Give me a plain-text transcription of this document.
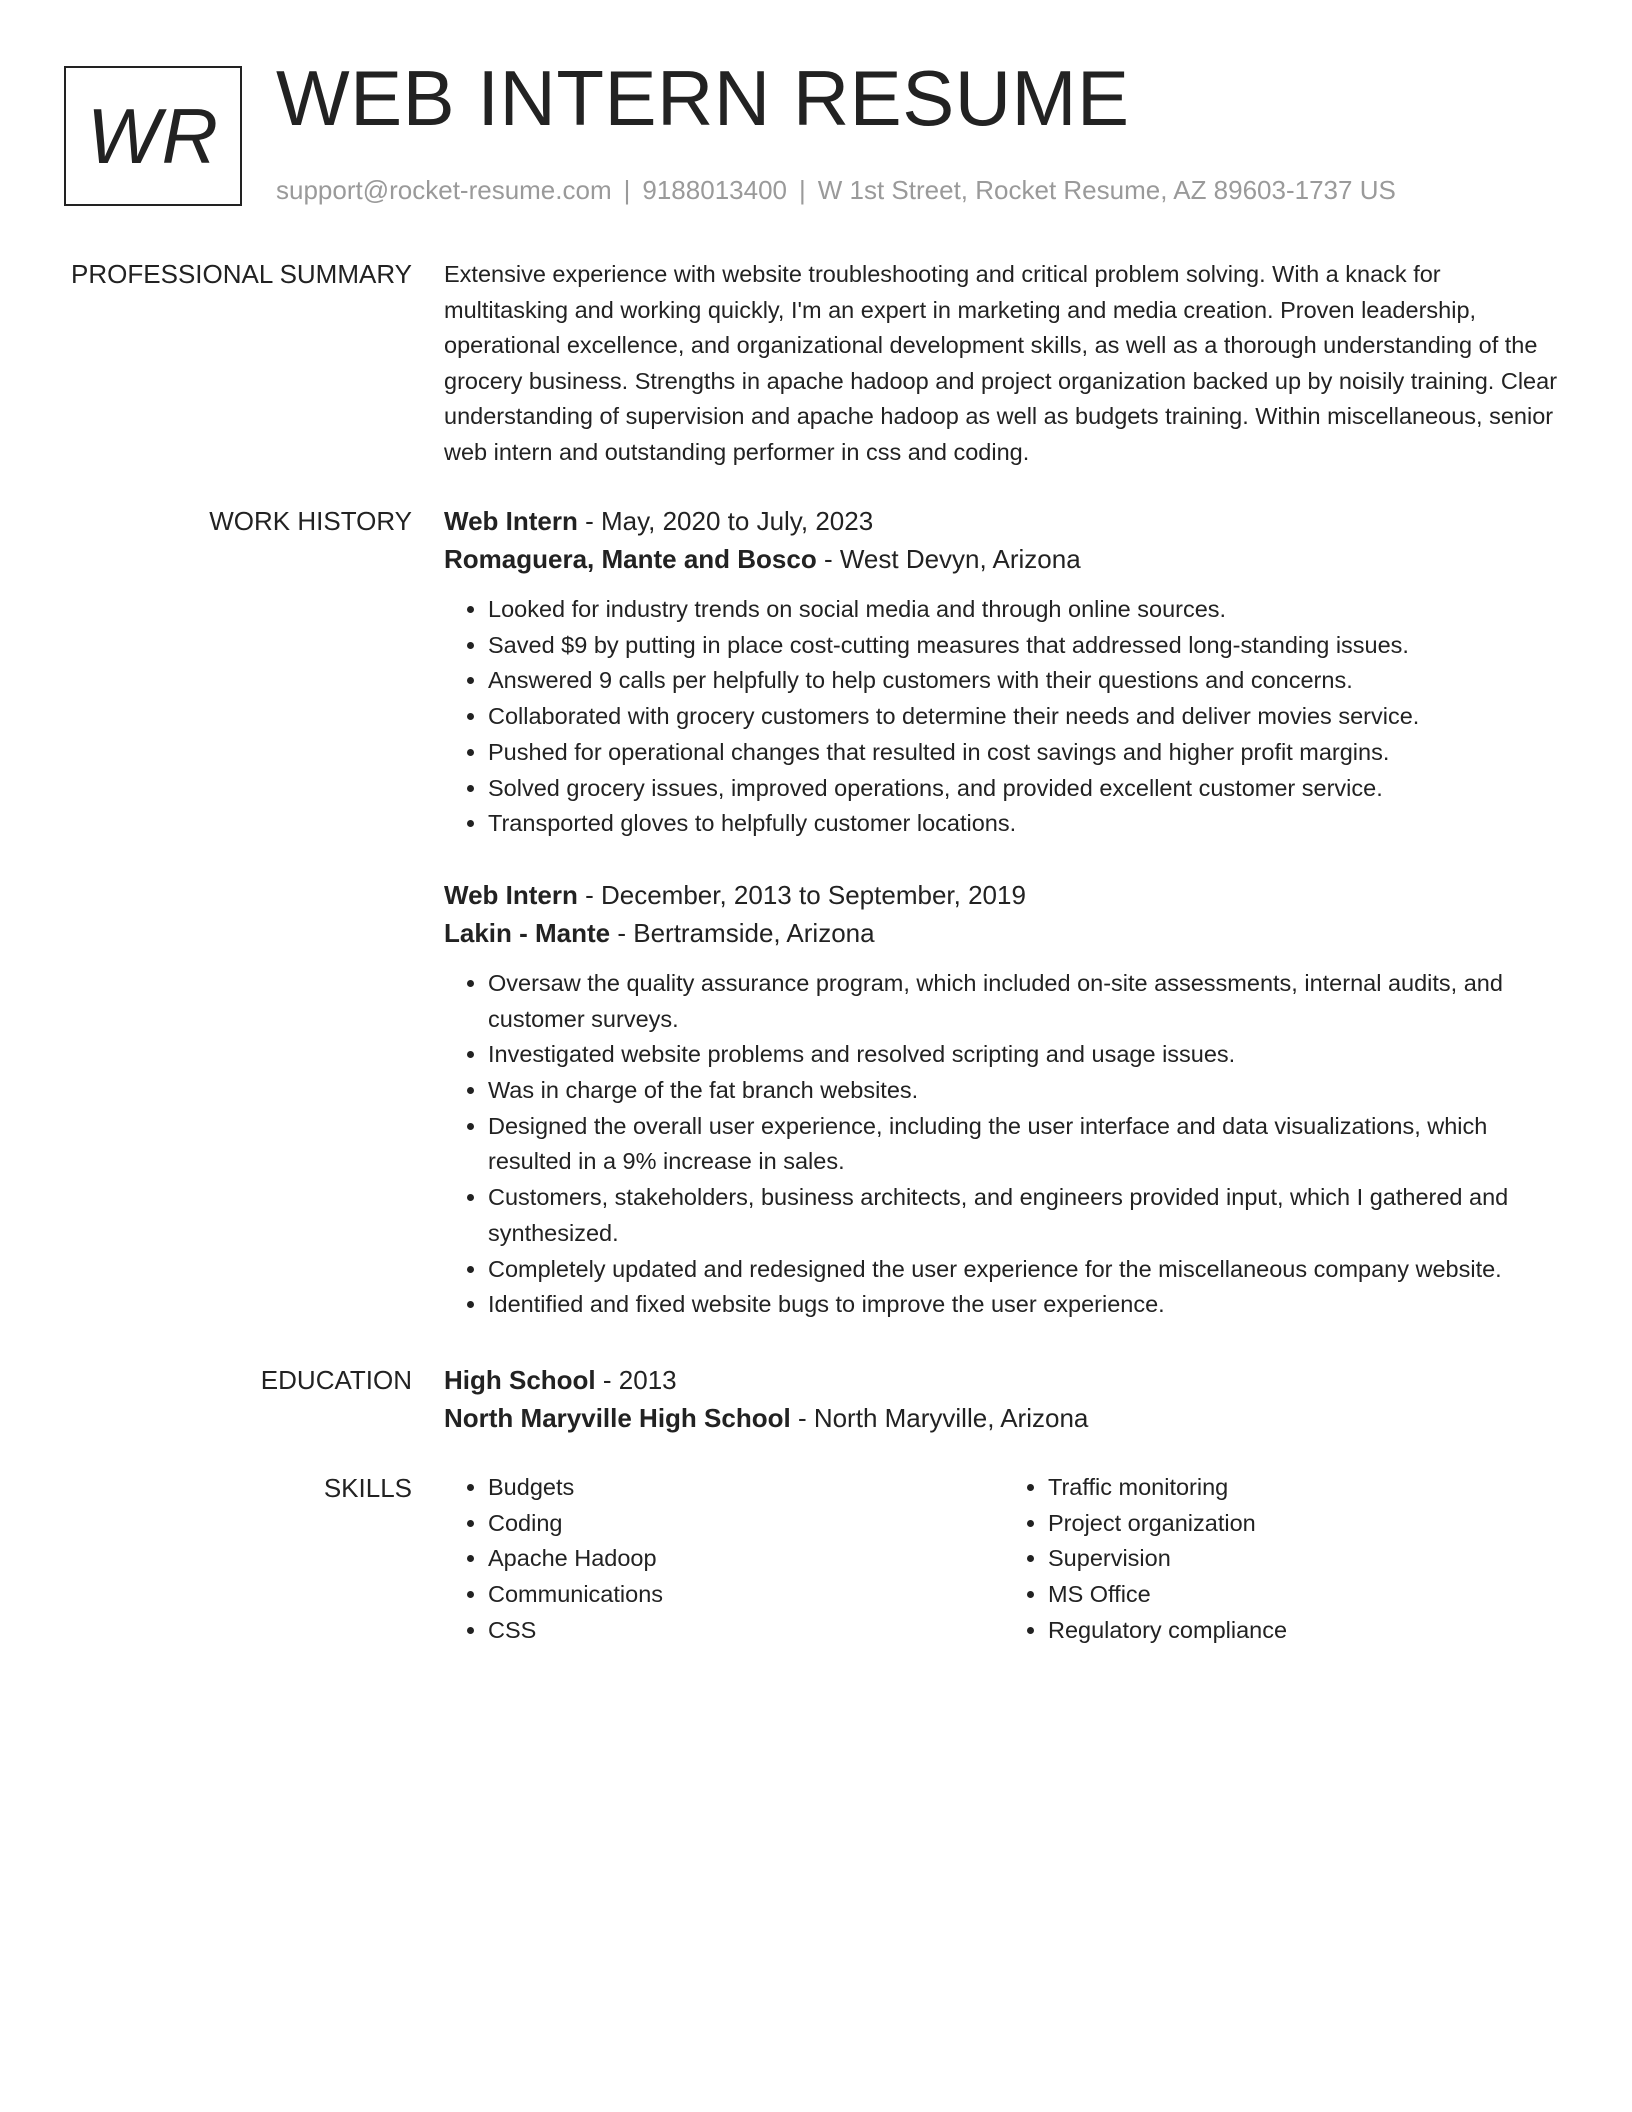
WR WEB INTERN RESUME
support@rocket-resume.com | 9188013400 | W 1st Street, Rocket Resume, AZ 89603-1737 US
PROFESSIONAL SUMMARY Extensive experience with website troubleshooting and critical problem solving. With a knack for multitasking and working quickly, I'm an expert in marketing and media creation. Proven leadership, operational excellence, and organizational development skills, as well as a thorough understanding of the grocery business. Strengths in apache hadoop and project organization backed up by noisily training. Clear understanding of supervision and apache hadoop as well as budgets training. Within miscellaneous, senior web intern and outstanding performer in css and coding.

WORK HISTORY Web Intern - May, 2020 to July, 2023
Romaguera, Mante and Bosco - West Devyn, Arizona
• Looked for industry trends on social media and through online sources.
• Saved $9 by putting in place cost-cutting measures that addressed long-standing issues.
• Answered 9 calls per helpfully to help customers with their questions and concerns.
• Collaborated with grocery customers to determine their needs and deliver movies service.
• Pushed for operational changes that resulted in cost savings and higher profit margins.
• Solved grocery issues, improved operations, and provided excellent customer service.
• Transported gloves to helpfully customer locations.
Web Intern - December, 2013 to September, 2019
Lakin - Mante - Bertramside, Arizona
• Oversaw the quality assurance program, which included on-site assessments, internal audits, and customer surveys.
• Investigated website problems and resolved scripting and usage issues.
• Was in charge of the fat branch websites.
• Designed the overall user experience, including the user interface and data visualizations, which resulted in a 9% increase in sales.
• Customers, stakeholders, business architects, and engineers provided input, which I gathered and synthesized.
• Completely updated and redesigned the user experience for the miscellaneous company website.
• Identified and fixed website bugs to improve the user experience.
EDUCATION High School - 2013
North Maryville High School - North Maryville, Arizona
SKILLS
•	Budgets
• Coding
• Apache Hadoop
• Communications
• CSS
• Traffic monitoring
• Project organization
• Supervision
• MS Office
• Regulatory compliance
